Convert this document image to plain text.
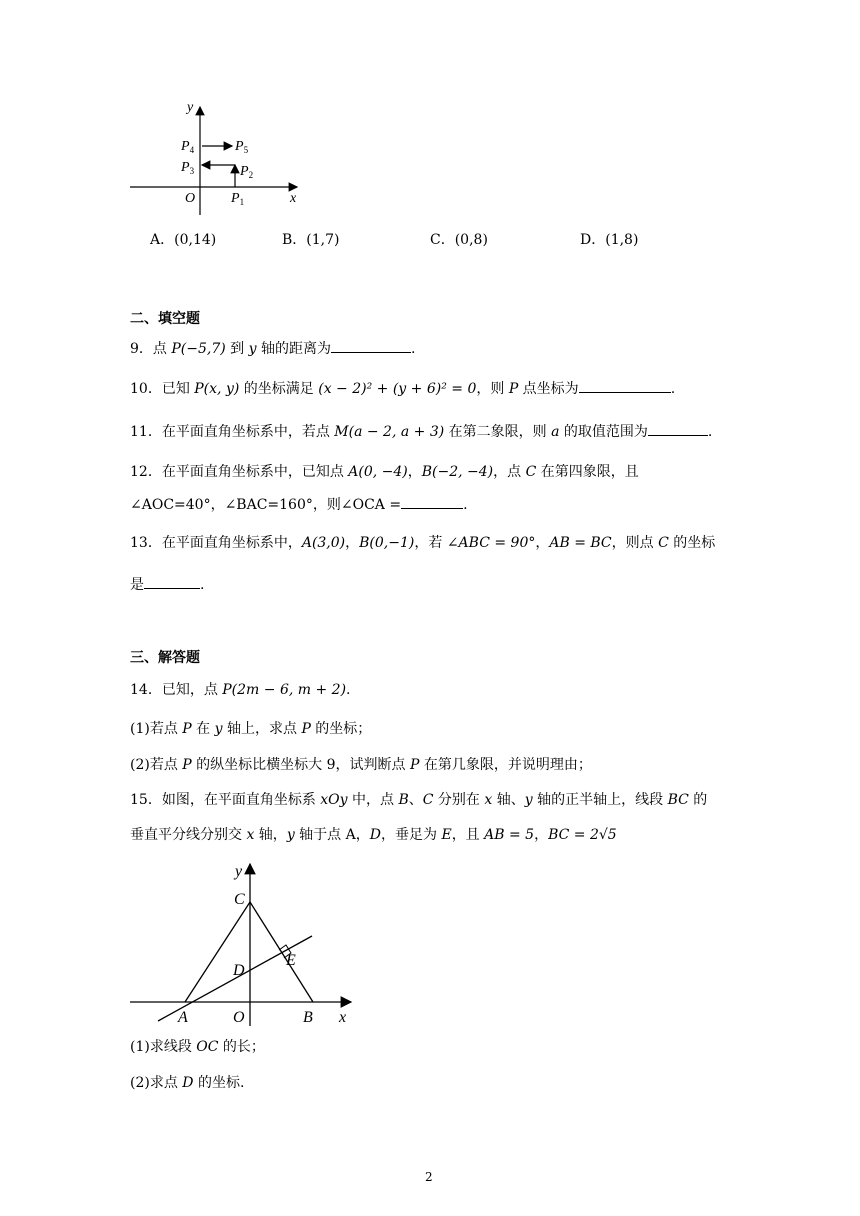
y
x
O	$P_1$
$P_2$
$P_3$
$P_4$	$P_5$
A．(0,14)	B．(1,7)	C．(0,8)	D．(1,8)
二、填空题
9．点 P(−5,7) 到 y 轴的距离为	.
10．已知 P(x, y) 的坐标满足 (x − 2)² + (y + 6)² = 0，则 P 点坐标为	.
11．在平面直角坐标系中，若点 M(a − 2, a + 3) 在第二象限，则 a 的取值范围为	.
12．在平面直角坐标系中，已知点 A(0, −4)，B(−2, −4)，点 C 在第四象限，且
∠AOC=40°，∠BAC=160°，则∠OCA =	.
13．在平面直角坐标系中，A(3,0)，B(0,−1)，若 ∠ABC = 90°，AB = BC，则点 C 的坐标
是	.
三、解答题
14．已知，点 P(2m − 6, m + 2).
(1)若点 P 在 y 轴上，求点 P 的坐标；
(2)若点 P 的纵坐标比横坐标大 9，试判断点 P 在第几象限，并说明理由；
15．如图，在平面直角坐标系 xOy 中，点 B、C 分别在 x 轴、y 轴的正半轴上，线段 BC 的
垂直平分线分别交 x 轴，y 轴于点 A，D，垂足为 E，且 AB = 5，BC = 2√5
y
x
O
A	B
C
D
E
(1)求线段 OC 的长；
(2)求点 D 的坐标.
2
